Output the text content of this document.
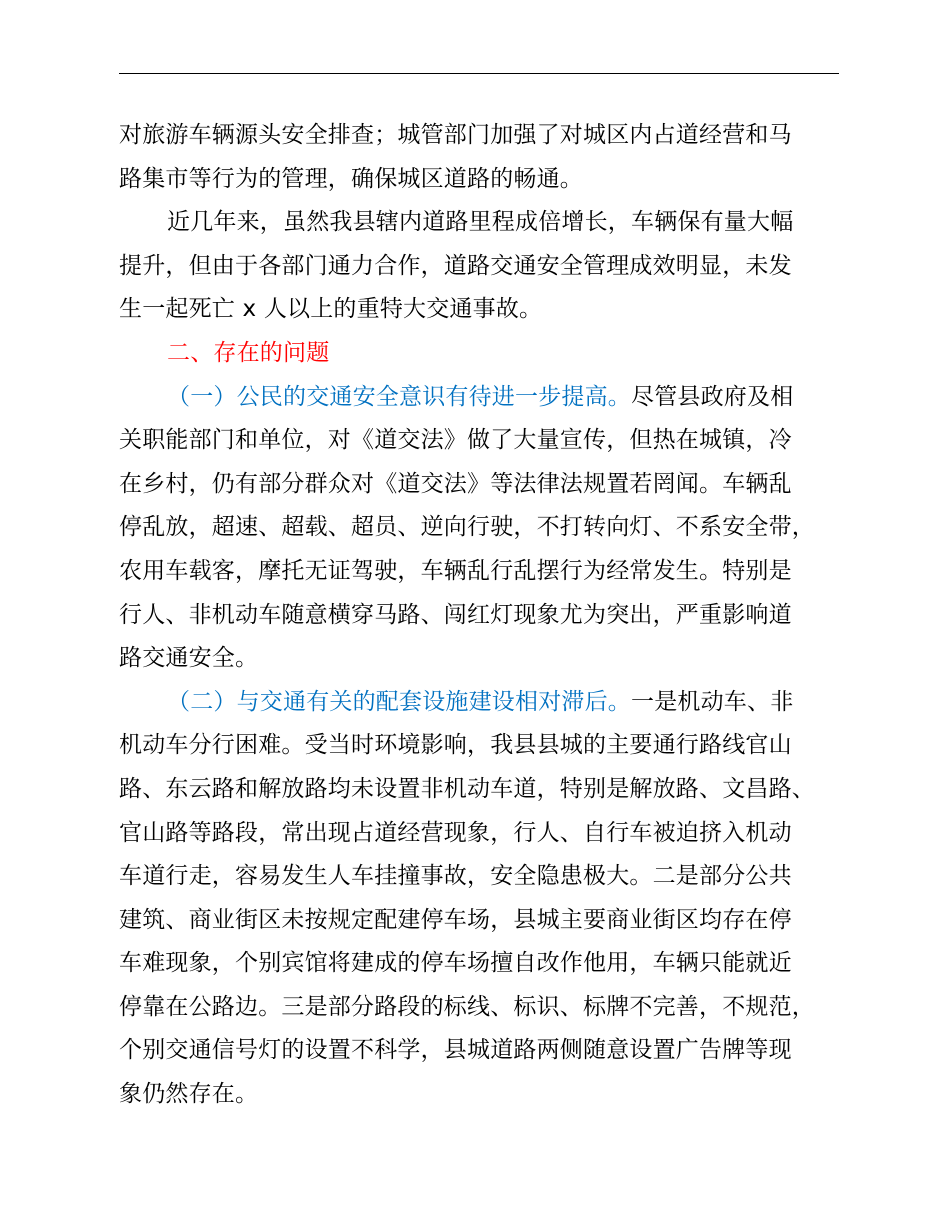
对旅游车辆源头安全排查；城管部门加强了对城区内占道经营和马
路集市等行为的管理，确保城区道路的畅通。
近几年来，虽然我县辖内道路里程成倍增长，车辆保有量大幅
提升，但由于各部门通力合作，道路交通安全管理成效明显，未发
生一起死亡 x 人以上的重特大交通事故。
二、存在的问题
（一）公民的交通安全意识有待进一步提高。尽管县政府及相
关职能部门和单位，对《道交法》做了大量宣传，但热在城镇，冷
在乡村，仍有部分群众对《道交法》等法律法规置若罔闻。车辆乱
停乱放，超速、超载、超员、逆向行驶，不打转向灯、不系安全带，
农用车载客，摩托无证驾驶，车辆乱行乱摆行为经常发生。特别是
行人、非机动车随意横穿马路、闯红灯现象尤为突出，严重影响道
路交通安全。
（二）与交通有关的配套设施建设相对滞后。一是机动车、非
机动车分行困难。受当时环境影响，我县县城的主要通行路线官山
路、东云路和解放路均未设置非机动车道，特别是解放路、文昌路、
官山路等路段，常出现占道经营现象，行人、自行车被迫挤入机动
车道行走，容易发生人车挂撞事故，安全隐患极大。二是部分公共
建筑、商业街区未按规定配建停车场，县城主要商业街区均存在停
车难现象，个别宾馆将建成的停车场擅自改作他用，车辆只能就近
停靠在公路边。三是部分路段的标线、标识、标牌不完善，不规范，
个别交通信号灯的设置不科学，县城道路两侧随意设置广告牌等现
象仍然存在。
